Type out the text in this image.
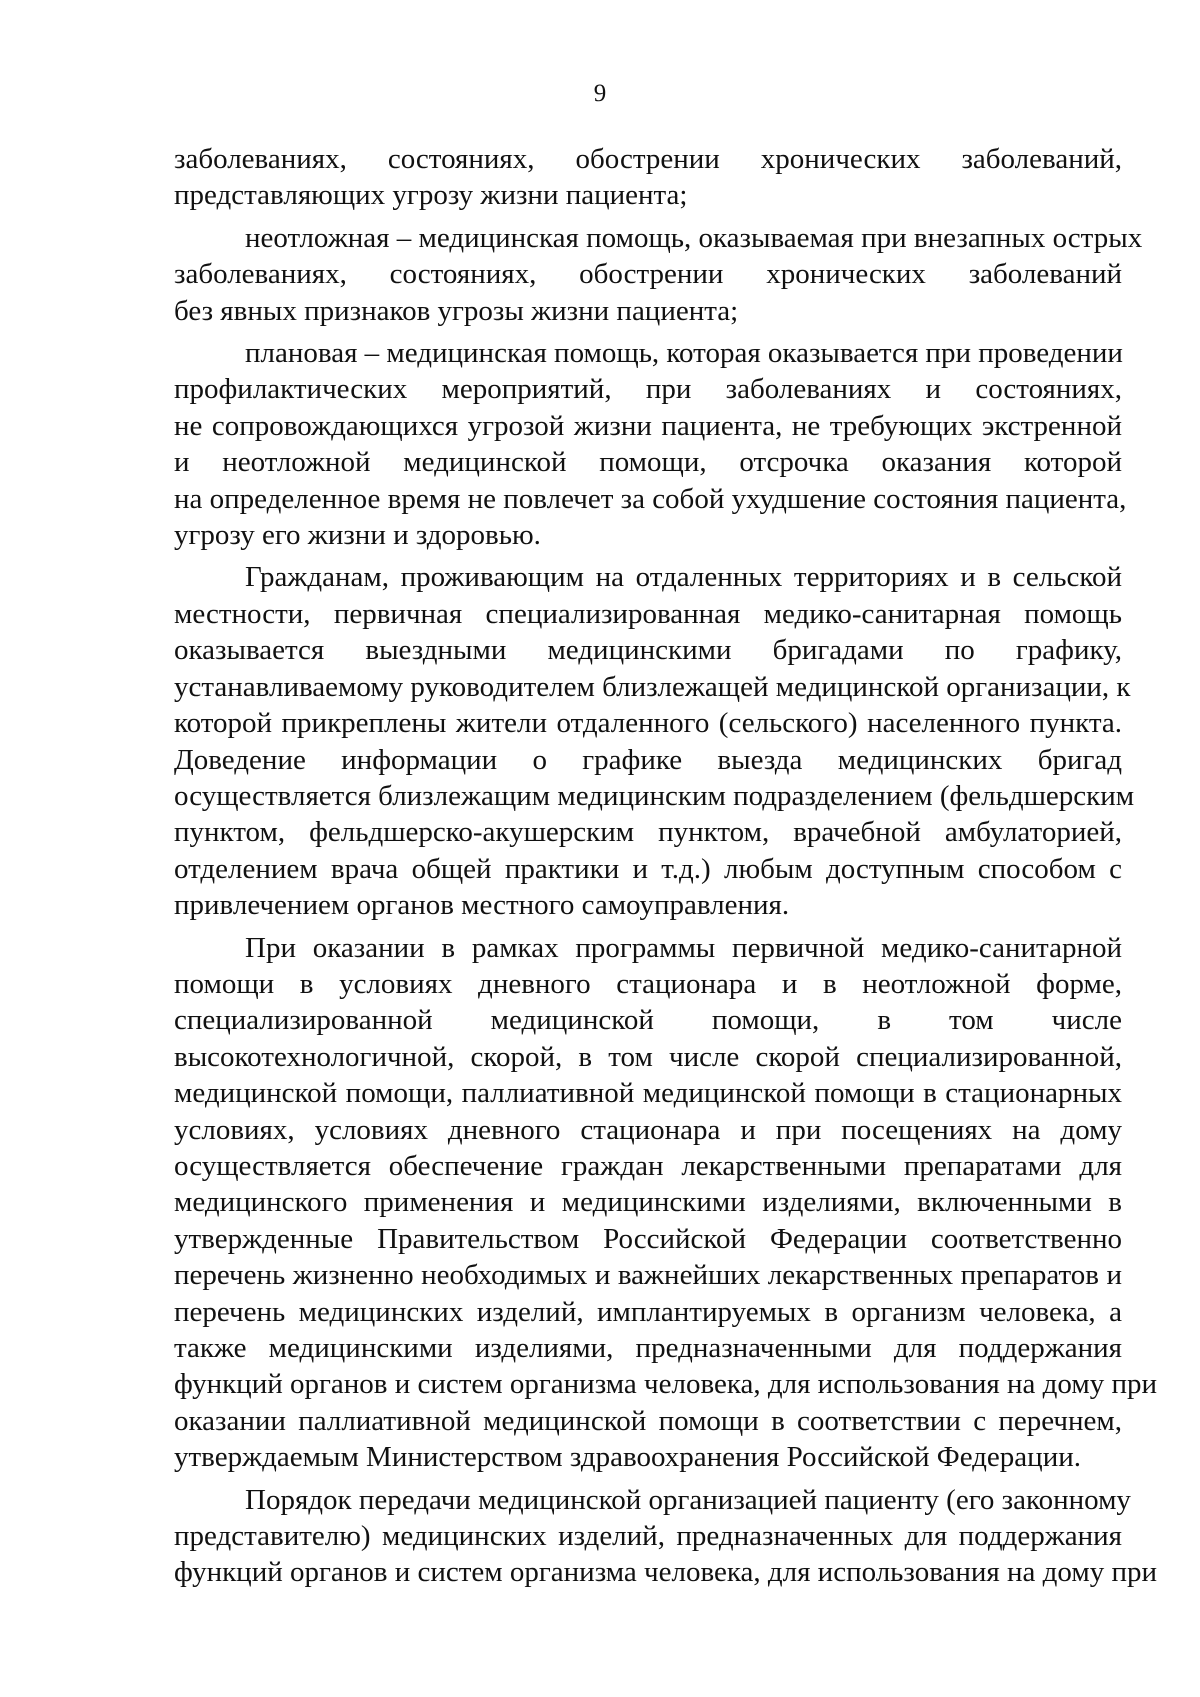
9

заболеваниях, состояниях, обострении хронических заболеваний,
представляющих угрозу жизни пациента;

неотложная – медицинская помощь, оказываемая при внезапных острых
заболеваниях, состояниях, обострении хронических заболеваний
без явных признаков угрозы жизни пациента;

плановая – медицинская помощь, которая оказывается при проведении
профилактических мероприятий, при заболеваниях и состояниях,
не сопровождающихся угрозой жизни пациента, не требующих экстренной
и неотложной медицинской помощи, отсрочка оказания которой
на определенное время не повлечет за собой ухудшение состояния пациента,
угрозу его жизни и здоровью.

Гражданам, проживающим на отдаленных территориях и в сельской
местности, первичная специализированная медико-санитарная помощь
оказывается выездными медицинскими бригадами по графику,
устанавливаемому руководителем близлежащей медицинской организации, к
которой прикреплены жители отдаленного (сельского) населенного пункта.
Доведение информации о графике выезда медицинских бригад
осуществляется близлежащим медицинским подразделением (фельдшерским
пунктом, фельдшерско-акушерским пунктом, врачебной амбулаторией,
отделением врача общей практики и т.д.) любым доступным способом с
привлечением органов местного самоуправления.

При оказании в рамках программы первичной медико-санитарной
помощи в условиях дневного стационара и в неотложной форме,
специализированной медицинской помощи, в том числе
высокотехнологичной, скорой, в том числе скорой специализированной,
медицинской помощи, паллиативной медицинской помощи в стационарных
условиях, условиях дневного стационара и при посещениях на дому
осуществляется обеспечение граждан лекарственными препаратами для
медицинского применения и медицинскими изделиями, включенными в
утвержденные Правительством Российской Федерации соответственно
перечень жизненно необходимых и важнейших лекарственных препаратов и
перечень медицинских изделий, имплантируемых в организм человека, а
также медицинскими изделиями, предназначенными для поддержания
функций органов и систем организма человека, для использования на дому при
оказании паллиативной медицинской помощи в соответствии с перечнем,
утверждаемым Министерством здравоохранения Российской Федерации.

Порядок передачи медицинской организацией пациенту (его законному
представителю) медицинских изделий, предназначенных для поддержания
функций органов и систем организма человека, для использования на дому при
